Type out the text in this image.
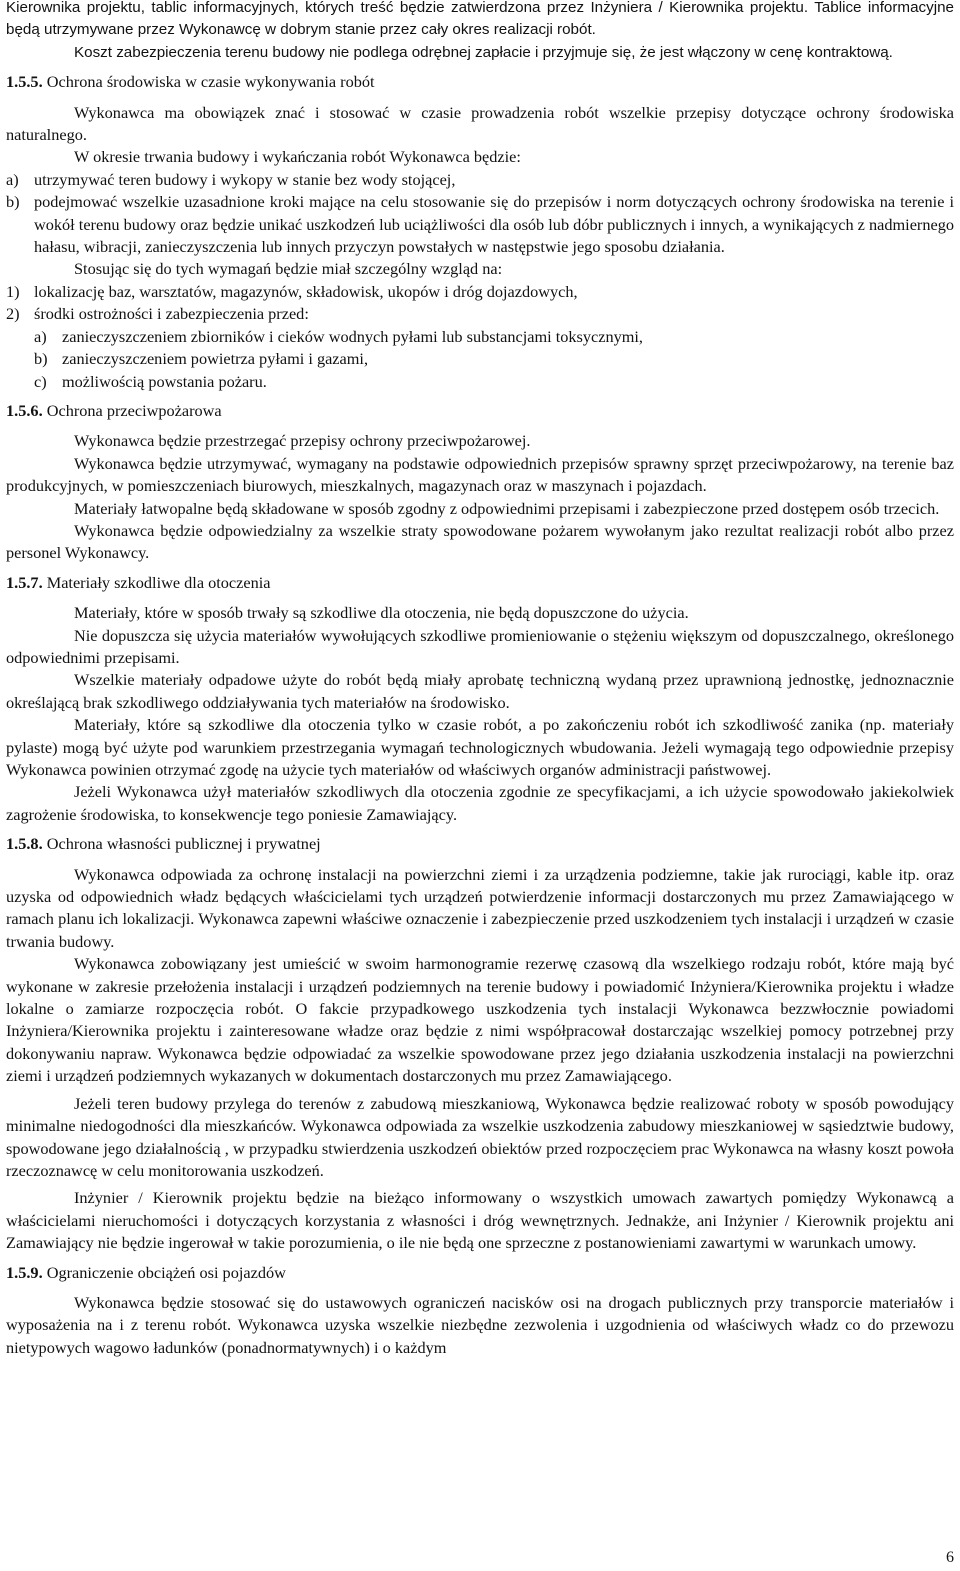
Kierownika projektu, tablic informacyjnych, których treść będzie zatwierdzona przez Inżyniera / Kierownika projektu. Tablice informacyjne będą utrzymywane przez Wykonawcę w dobrym stanie przez cały okres realizacji robót.

Koszt zabezpieczenia terenu budowy nie podlega odrębnej zapłacie i przyjmuje się, że jest włączony w cenę kontraktową.

1.5.5. Ochrona środowiska w czasie wykonywania robót

Wykonawca ma obowiązek znać i stosować w czasie prowadzenia robót wszelkie przepisy dotyczące ochrony środowiska naturalnego.

W okresie trwania budowy i wykańczania robót Wykonawca będzie:

a) utrzymywać teren budowy i wykopy w stanie bez wody stojącej,

b) podejmować wszelkie uzasadnione kroki mające na celu stosowanie się do przepisów i norm dotyczących ochrony środowiska na terenie i wokół terenu budowy oraz będzie unikać uszkodzeń lub uciążliwości dla osób lub dóbr publicznych i innych, a wynikających z nadmiernego hałasu, wibracji, zanieczyszczenia lub innych przyczyn powstałych w następstwie jego sposobu działania.

Stosując się do tych wymagań będzie miał szczególny wzgląd na:

1) lokalizację baz, warsztatów, magazynów, składowisk, ukopów i dróg dojazdowych,

2) środki ostrożności i zabezpieczenia przed:

a) zanieczyszczeniem zbiorników i cieków wodnych pyłami lub substancjami toksycznymi,

b) zanieczyszczeniem powietrza pyłami i gazami,

c) możliwością powstania pożaru.

1.5.6. Ochrona przeciwpożarowa

Wykonawca będzie przestrzegać przepisy ochrony przeciwpożarowej.

Wykonawca będzie utrzymywać, wymagany na podstawie odpowiednich przepisów sprawny sprzęt przeciwpożarowy, na terenie baz produkcyjnych, w pomieszczeniach biurowych, mieszkalnych, magazynach oraz w maszynach i pojazdach.

Materiały łatwopalne będą składowane w sposób zgodny z odpowiednimi przepisami i zabezpieczone przed dostępem osób trzecich.

Wykonawca będzie odpowiedzialny za wszelkie straty spowodowane pożarem wywołanym jako rezultat realizacji robót albo przez personel Wykonawcy.

1.5.7. Materiały szkodliwe dla otoczenia

Materiały, które w sposób trwały są szkodliwe dla otoczenia, nie będą dopuszczone do użycia.

Nie dopuszcza się użycia materiałów wywołujących szkodliwe promieniowanie o stężeniu większym od dopuszczalnego, określonego odpowiednimi przepisami.

Wszelkie materiały odpadowe użyte do robót będą miały aprobatę techniczną wydaną przez uprawnioną jednostkę, jednoznacznie określającą brak szkodliwego oddziaływania tych materiałów na środowisko.

Materiały, które są szkodliwe dla otoczenia tylko w czasie robót, a po zakończeniu robót ich szkodliwość zanika (np. materiały pylaste) mogą być użyte pod warunkiem przestrzegania wymagań technologicznych wbudowania. Jeżeli wymagają tego odpowiednie przepisy Wykonawca powinien otrzymać zgodę na użycie tych materiałów od właściwych organów administracji państwowej.

Jeżeli Wykonawca użył materiałów szkodliwych dla otoczenia zgodnie ze specyfikacjami, a ich użycie spowodowało jakiekolwiek zagrożenie środowiska, to konsekwencje tego poniesie Zamawiający.

1.5.8. Ochrona własności publicznej i prywatnej

Wykonawca odpowiada za ochronę instalacji na powierzchni ziemi i za urządzenia podziemne, takie jak rurociągi, kable itp. oraz uzyska od odpowiednich władz będących właścicielami tych urządzeń potwierdzenie informacji dostarczonych mu przez Zamawiającego w ramach planu ich lokalizacji. Wykonawca zapewni właściwe oznaczenie i zabezpieczenie przed uszkodzeniem tych instalacji i urządzeń w czasie trwania budowy.

Wykonawca zobowiązany jest umieścić w swoim harmonogramie rezerwę czasową dla wszelkiego rodzaju robót, które mają być wykonane w zakresie przełożenia instalacji i urządzeń podziemnych na terenie budowy i powiadomić Inżyniera/Kierownika projektu i władze lokalne o zamiarze rozpoczęcia robót. O fakcie przypadkowego uszkodzenia tych instalacji Wykonawca bezzwłocznie powiadomi Inżyniera/Kierownika projektu i zainteresowane władze oraz będzie z nimi współpracował dostarczając wszelkiej pomocy potrzebnej przy dokonywaniu napraw. Wykonawca będzie odpowiadać za wszelkie spowodowane przez jego działania uszkodzenia instalacji na powierzchni ziemi i urządzeń podziemnych wykazanych w dokumentach dostarczonych mu przez Zamawiającego.

Jeżeli teren budowy przylega do terenów z zabudową mieszkaniową, Wykonawca będzie realizować roboty w sposób powodujący minimalne niedogodności dla mieszkańców. Wykonawca odpowiada za wszelkie uszkodzenia zabudowy mieszkaniowej w sąsiedztwie budowy, spowodowane jego działalnością , w przypadku stwierdzenia uszkodzeń obiektów przed rozpoczęciem prac Wykonawca na własny koszt powoła rzeczoznawcę w celu monitorowania uszkodzeń.

Inżynier / Kierownik projektu będzie na bieżąco informowany o wszystkich umowach zawartych pomiędzy Wykonawcą a właścicielami nieruchomości i dotyczących korzystania z własności i dróg wewnętrznych. Jednakże, ani Inżynier / Kierownik projektu ani Zamawiający nie będzie ingerował w takie porozumienia, o ile nie będą one sprzeczne z postanowieniami zawartymi w warunkach umowy.

1.5.9. Ograniczenie obciążeń osi pojazdów

Wykonawca będzie stosować się do ustawowych ograniczeń nacisków osi na drogach publicznych przy transporcie materiałów i wyposażenia na i z terenu robót. Wykonawca uzyska wszelkie niezbędne zezwolenia i uzgodnienia od właściwych władz co do przewozu nietypowych wagowo ładunków (ponadnormatywnych) i o każdym

6
